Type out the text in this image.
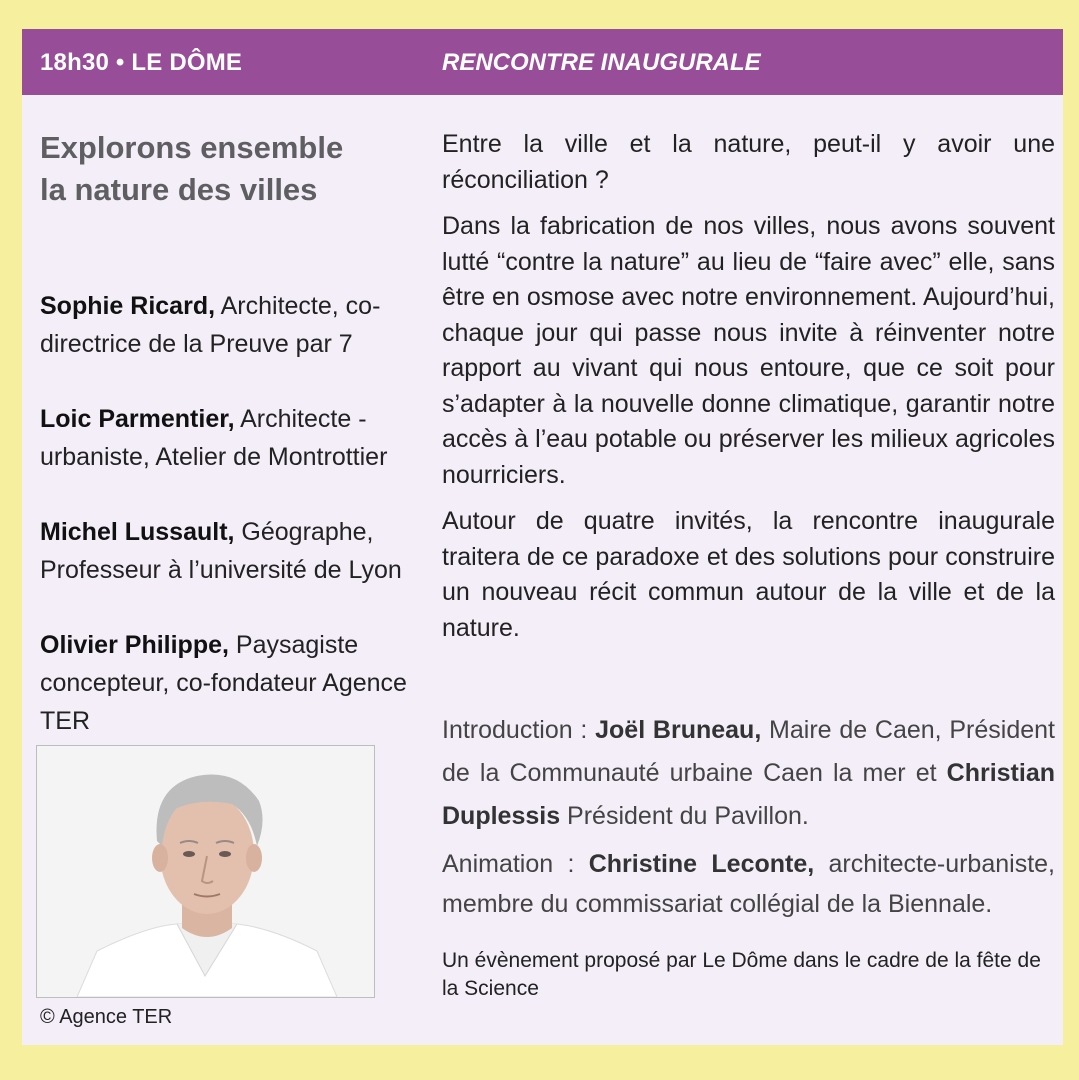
18h30 • LE DÔME	RENCONTRE INAUGURALE
Explorons ensemble
la nature des villes
Sophie Ricard, Architecte, co-directrice de la Preuve par 7
Loic Parmentier, Architecte - urbaniste, Atelier de Montrottier
Michel Lussault, Géographe, Professeur à l’université de Lyon
Olivier Philippe, Paysagiste concepteur, co-fondateur Agence TER
© Agence TER

Entre la ville et la nature, peut-il y avoir une réconciliation ?

Dans la fabrication de nos villes, nous avons souvent lutté “contre la nature” au lieu de “faire avec” elle, sans être en osmose avec notre environnement. Aujourd’hui, chaque jour qui passe nous invite à réinventer notre rapport au vivant qui nous entoure, que ce soit pour s’adapter à la nouvelle donne climatique, garantir notre accès à l’eau potable ou préserver les milieux agricoles nourriciers.

Autour de quatre invités, la rencontre inaugurale traitera de ce paradoxe et des solutions pour construire un nouveau récit commun autour de la ville et de la nature.

Introduction : Joël Bruneau, Maire de Caen, Président de la Communauté urbaine Caen la mer et Christian Duplessis Président du Pavillon.

Animation : Christine Leconte, architecte-urbaniste, membre du commissariat collégial de la Biennale.

Un évènement proposé par Le Dôme dans le cadre de la fête de la Science
